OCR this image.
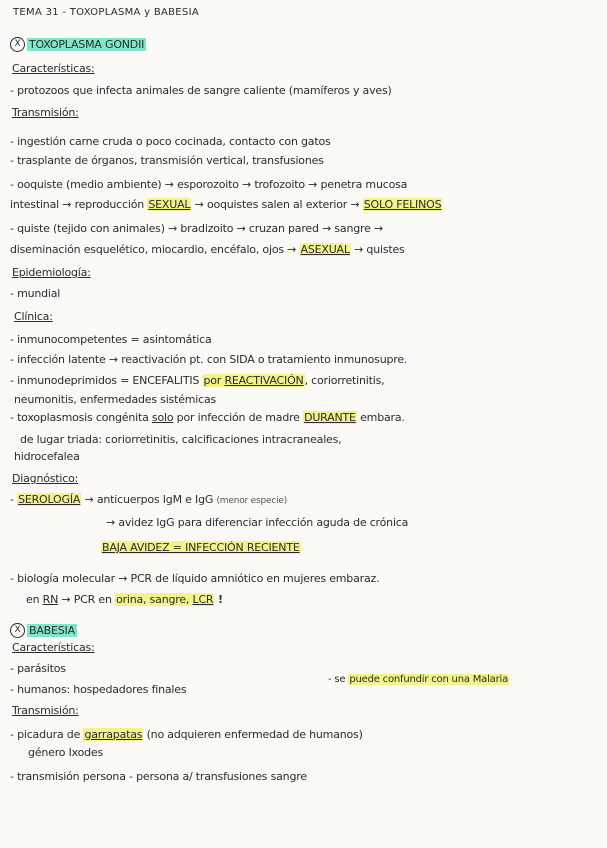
TEMA 31 - TOXOPLASMA y BABESIA
X TOXOPLASMA GONDII
Características:
- protozoos que infecta animales de sangre caliente (mamíferos y aves)
Transmisión:
- ingestión carne cruda o poco cocinada, contacto con gatos
- trasplante de órganos, transmisión vertical, transfusiones
- ooquiste (medio ambiente) → esporozoito → trofozoito → penetra mucosa
intestinal → reproducción SEXUAL → ooquistes salen al exterior → SOLO FELINOS
- quiste (tejido con animales) → bradizoito → cruzan pared → sangre →
diseminación esquelético, miocardio, encéfalo, ojos → ASEXUAL → quistes
Epidemiología:
- mundial
Clínica:
- inmunocompetentes = asintomática
- infección latente → reactivación pt. con SIDA o tratamiento inmunosupre.
- inmunodeprimidos = ENCEFALITIS por REACTIVACIÓN, coriorretinitis,
neumonitis, enfermedades sistémicas
- toxoplasmosis congénita solo por infección de madre DURANTE embara.
de lugar triada: coriorretinitis, calcificaciones intracraneales,
hidrocefalea
Diagnóstico:
- SEROLOGÍA → anticuerpos IgM e IgG (menor especie)
→ avidez IgG para diferenciar infección aguda de crónica
BAJA AVIDEZ = INFECCIÓN RECIENTE
- biología molecular → PCR de líquido amniótico en mujeres embaraz.
en RN → PCR en orina, sangre, LCR !
X BABESIA
Características:
- parásitos
- humanos: hospedadores finales
- se puede confundir con una Malaria
Transmisión:
- picadura de garrapatas (no adquieren enfermedad de humanos)
género Ixodes
- transmisión persona - persona a/ transfusiones sangre
